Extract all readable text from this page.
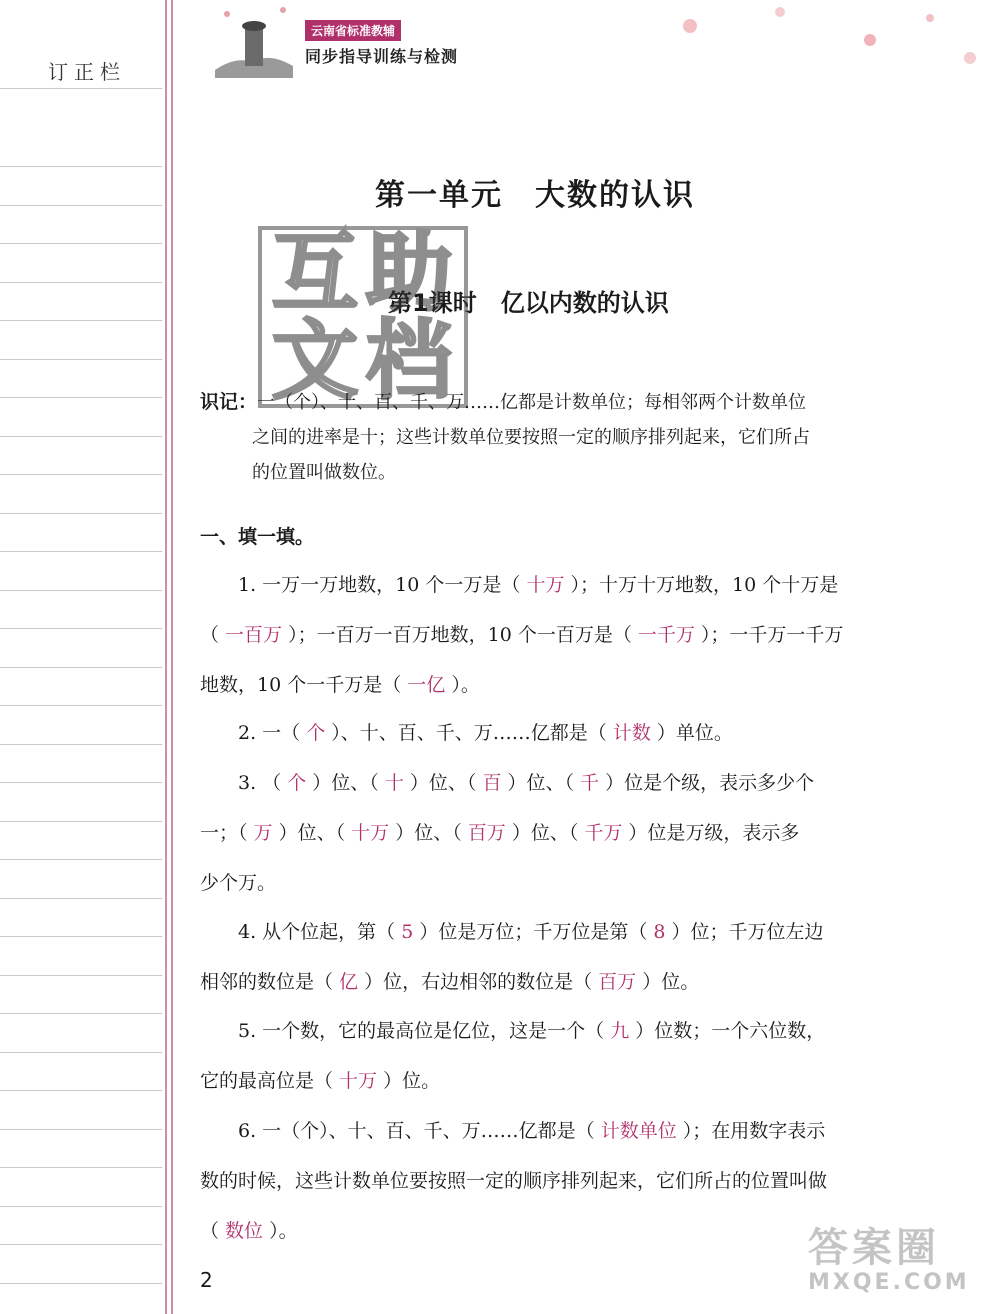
订正栏
云南省标准教辅
同步指导训练与检测
第一单元　大数的认识
第1课时　亿以内数的认识
互 助
文 档
识记：一（个）、十、百、千、万……亿都是计数单位；每相邻两个计数单位
之间的进率是十；这些计数单位要按照一定的顺序排列起来，它们所占
的位置叫做数位。
一、填一填。
1. 一万一万地数，10 个一万是（ 十万 ）；十万十万地数，10 个十万是
（ 一百万 ）；一百万一百万地数，10 个一百万是（ 一千万 ）；一千万一千万
地数，10 个一千万是（ 一亿 ）。
2. 一（ 个 ）、十、百、千、万……亿都是（ 计数 ）单位。
3. （ 个 ）位、（ 十 ）位、（ 百 ）位、（ 千 ）位是个级，表示多少个
一；（ 万 ）位、（ 十万 ）位、（ 百万 ）位、（ 千万 ）位是万级，表示多
少个万。
4. 从个位起，第（ 5 ）位是万位；千万位是第（ 8 ）位；千万位左边
相邻的数位是（ 亿 ）位，右边相邻的数位是（ 百万 ）位。
5. 一个数，它的最高位是亿位，这是一个（ 九 ）位数；一个六位数，
它的最高位是（ 十万 ）位。
6. 一（个）、十、百、千、万……亿都是（ 计数单位 ）；在用数字表示
数的时候，这些计数单位要按照一定的顺序排列起来，它们所占的位置叫做
（ 数位 ）。
2
答案圈
MXQE.COM
